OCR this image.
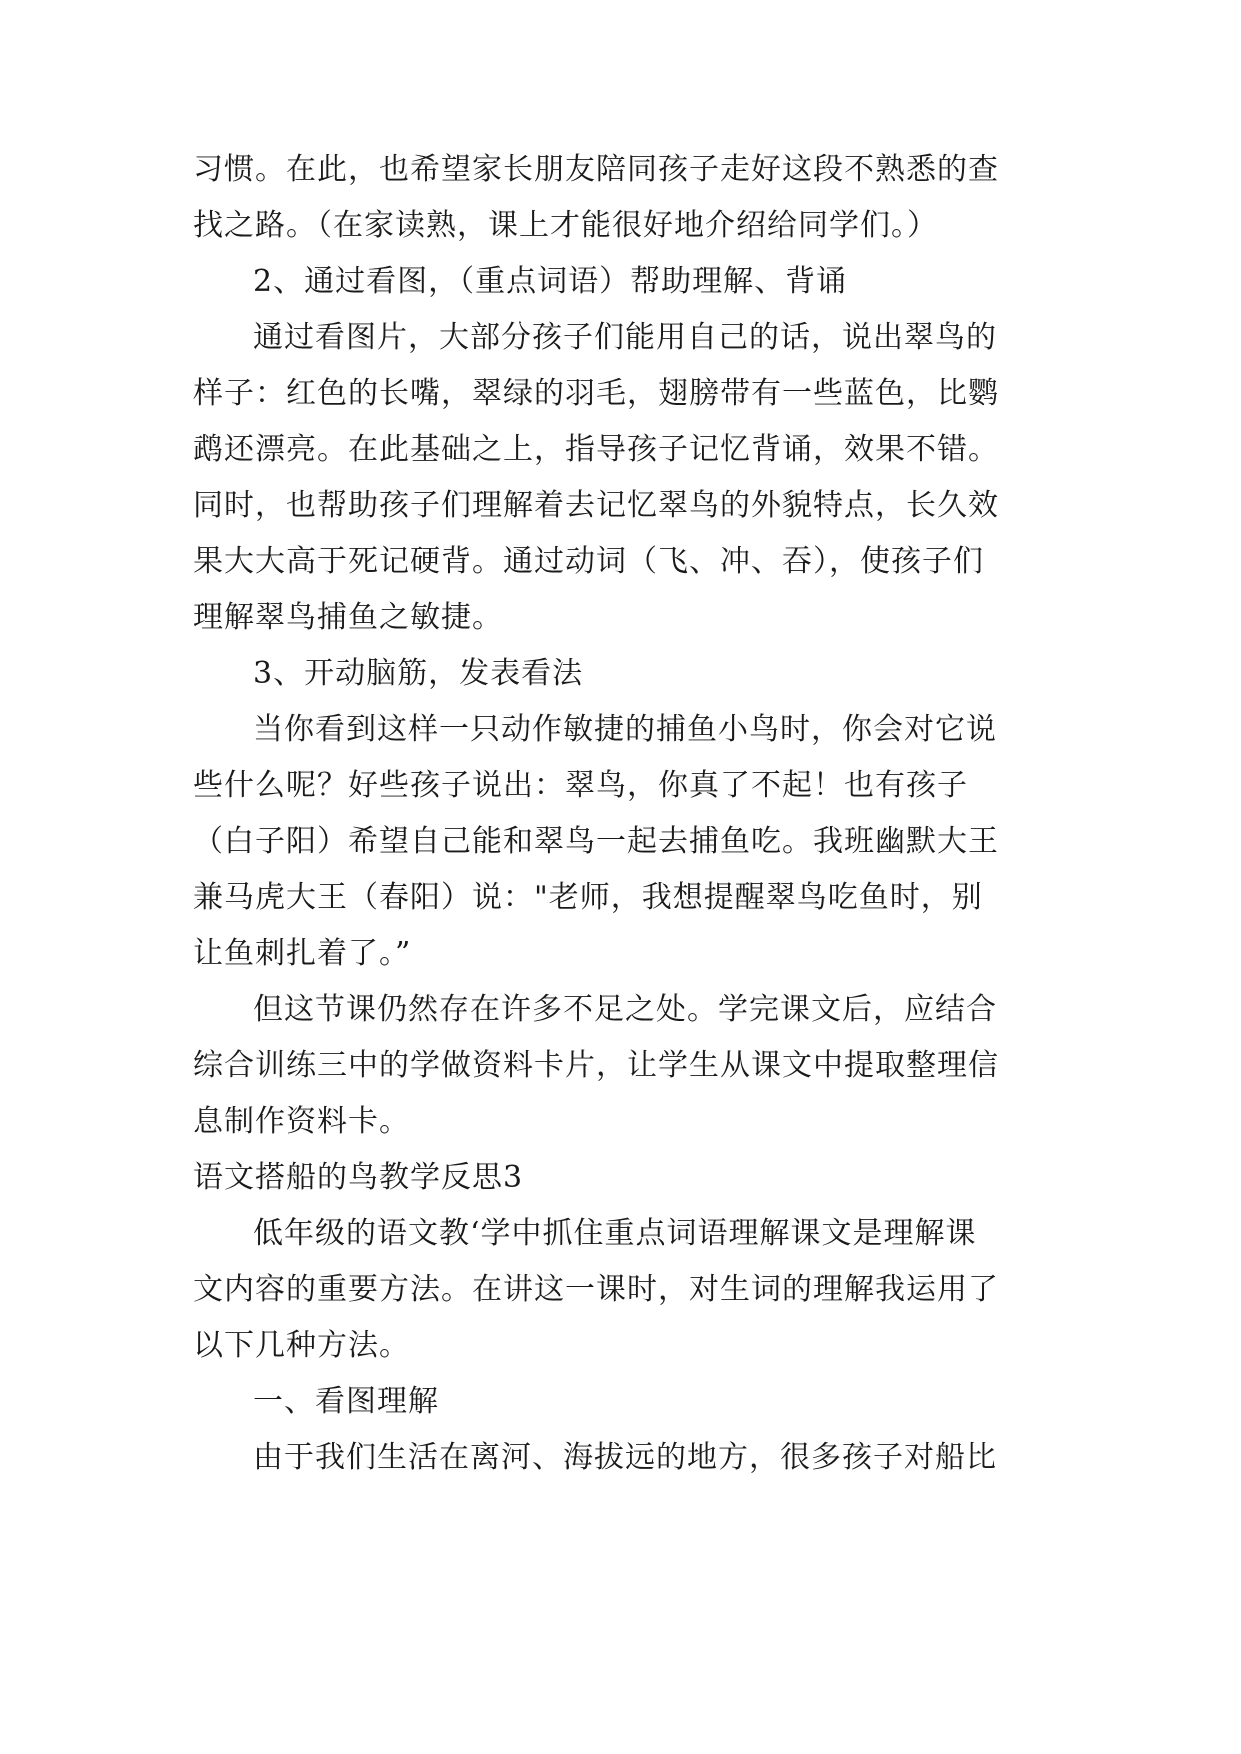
习惯。在此，也希望家长朋友陪同孩子走好这段不熟悉的查
找之路。（在家读熟，课上才能很好地介绍给同学们。）
2、通过看图，（重点词语）帮助理解、背诵
通过看图片，大部分孩子们能用自己的话，说出翠鸟的
样子：红色的长嘴，翠绿的羽毛，翅膀带有一些蓝色，比鹦
鹉还漂亮。在此基础之上，指导孩子记忆背诵，效果不错。
同时，也帮助孩子们理解着去记忆翠鸟的外貌特点，长久效
果大大高于死记硬背。通过动词（飞、冲、吞），使孩子们
理解翠鸟捕鱼之敏捷。
3、开动脑筋，发表看法
当你看到这样一只动作敏捷的捕鱼小鸟时，你会对它说
些什么呢？好些孩子说出：翠鸟，你真了不起！也有孩子
（白子阳）希望自己能和翠鸟一起去捕鱼吃。我班幽默大王
兼马虎大王（春阳）说："老师，我想提醒翠鸟吃鱼时，别
让鱼刺扎着了。”
但这节课仍然存在许多不足之处。学完课文后，应结合
综合训练三中的学做资料卡片，让学生从课文中提取整理信
息制作资料卡。
语文搭船的鸟教学反思3
低年级的语文教‘学中抓住重点词语理解课文是理解课
文内容的重要方法。在讲这一课时，对生词的理解我运用了
以下几种方法。
一、看图理解
由于我们生活在离河、海拔远的地方，很多孩子对船比
